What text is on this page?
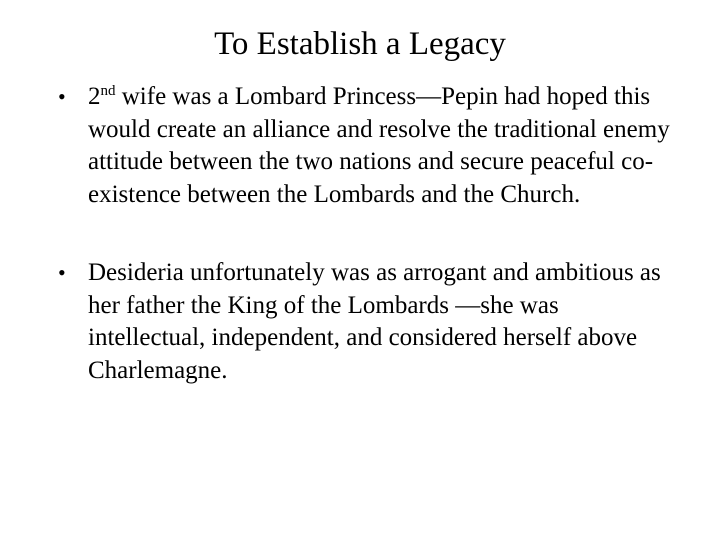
To Establish a Legacy
• 2nd wife was a Lombard Princess—Pepin had hoped this would create an alliance and resolve the traditional enemy attitude between the two nations and secure peaceful co-existence between the Lombards and the Church.
• Desideria unfortunately was as arrogant and ambitious as her father the King of the Lombards —she was intellectual, independent, and considered herself above Charlemagne.
